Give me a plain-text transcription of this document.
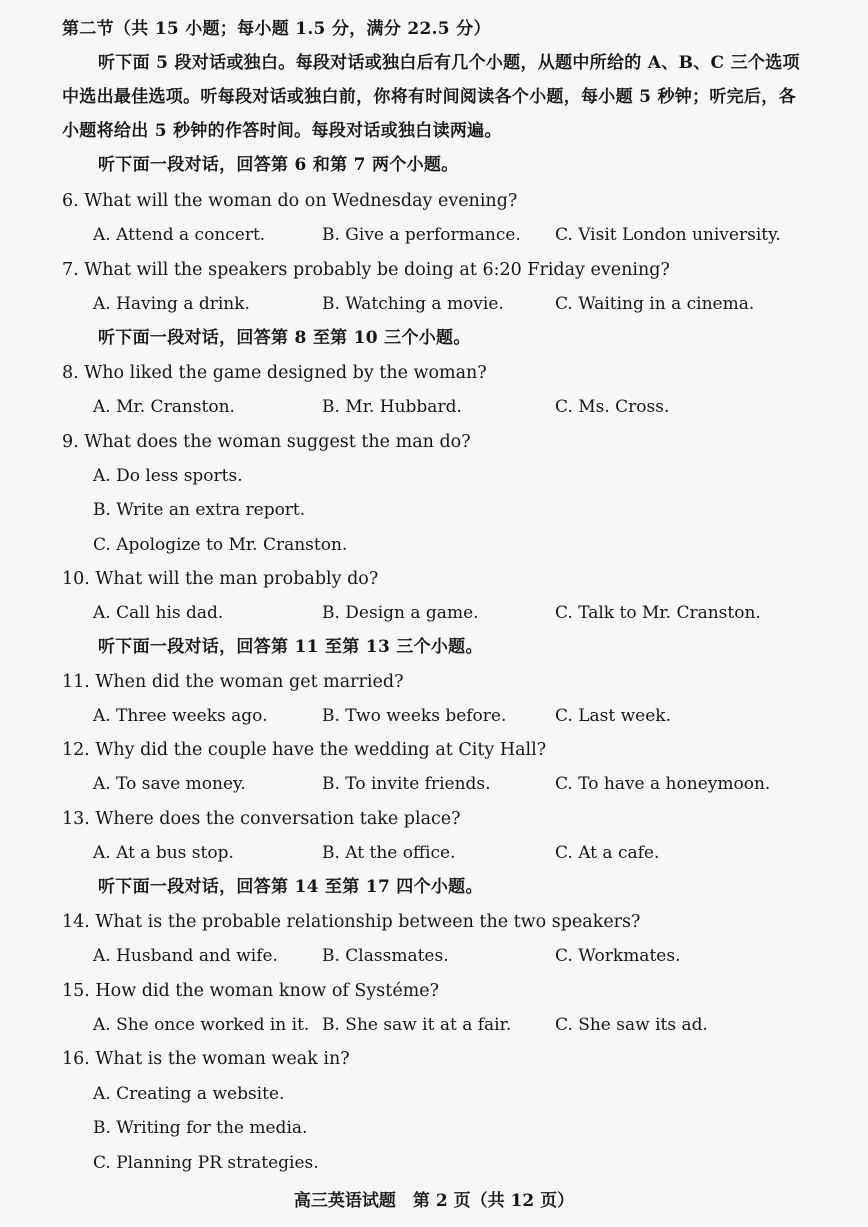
第二节（共 15 小题；每小题 1.5 分，满分 22.5 分）
听下面 5 段对话或独白。每段对话或独白后有几个小题，从题中所给的 A、B、C 三个选项
中选出最佳选项。听每段对话或独白前，你将有时间阅读各个小题，每小题 5 秒钟；听完后，各
小题将给出 5 秒钟的作答时间。每段对话或独白读两遍。
听下面一段对话，回答第 6 和第 7 两个小题。
6. What will the woman do on Wednesday evening?
A. Attend a concert.	B. Give a performance. C. Visit London university.
7. What will the speakers probably be doing at 6:20 Friday evening?
A. Having a drink.	B. Watching a movie.	C. Waiting in a cinema.
听下面一段对话，回答第 8 至第 10 三个小题。
8. Who liked the game designed by the woman?
A. Mr. Cranston.	B. Mr. Hubbard.	C. Ms. Cross.
9. What does the woman suggest the man do?
A. Do less sports.
B. Write an extra report.
C. Apologize to Mr. Cranston.
10. What will the man probably do?
A. Call his dad.	B. Design a game.	C. Talk to Mr. Cranston.
听下面一段对话，回答第 11 至第 13 三个小题。
11. When did the woman get married?
A. Three weeks ago.	B. Two weeks before.	C. Last week.
12. Why did the couple have the wedding at City Hall?
A. To save money.	B. To invite friends.	C. To have a honeymoon.
13. Where does the conversation take place?
A. At a bus stop.	B. At the office.	C. At a cafe.
听下面一段对话，回答第 14 至第 17 四个小题。
14. What is the probable relationship between the two speakers?
A. Husband and wife.	B. Classmates.	C. Workmates.
15. How did the woman know of Systéme?
A. She once worked in it. B. She saw it at a fair.	C. She saw its ad.
16. What is the woman weak in?
A. Creating a website.
B. Writing for the media.
C. Planning PR strategies.
高三英语试题　第 2 页（共 12 页）
